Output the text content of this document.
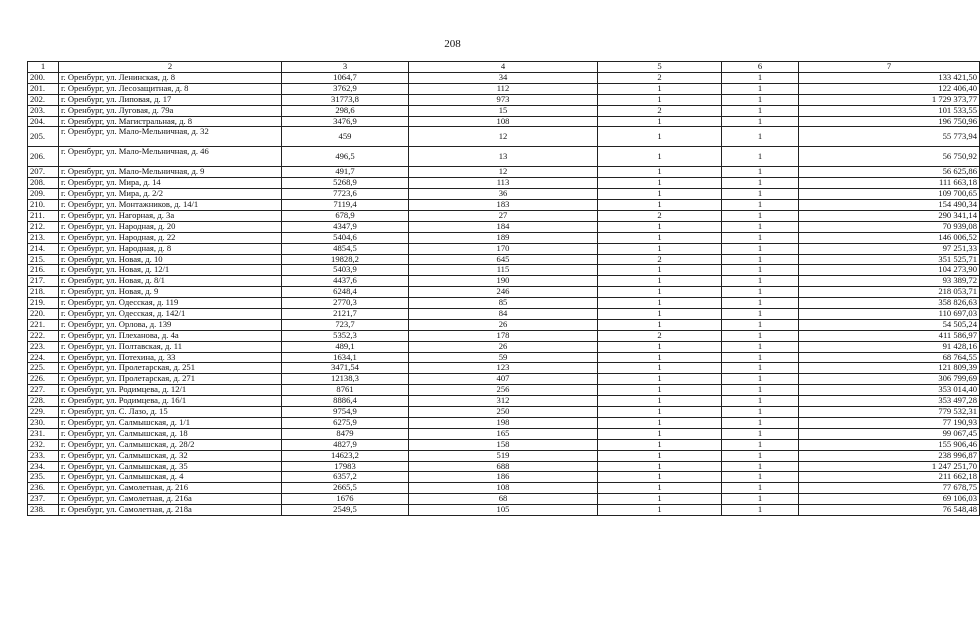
208
1	2	3	4	5	6	7
200.	г. Оренбург, ул. Ленинская, д. 8	1064,7	34	2	1	133 421,50
201.	г. Оренбург, ул. Лесозащитная, д. 8	3762,9	112	1	1	122 406,40
202.	г. Оренбург, ул. Липовая, д. 17	31773,8	973	1	1	1 729 373,77
203.	г. Оренбург, ул. Луговая, д. 79а	298,6	15	2	1	101 533,55
204.	г. Оренбург, ул. Магистральная, д. 8	3476,9	108	1	1	196 750,96
205.	г. Оренбург, ул. Мало-Мельничная, д. 32	459	12	1	1	55 773,94
206.	г. Оренбург, ул. Мало-Мельничная, д. 46	496,5	13	1	1	56 750,92
207.	г. Оренбург, ул. Мало-Мельничная, д. 9	491,7	12	1	1	56 625,86
208.	г. Оренбург, ул. Мира, д. 14	5268,9	113	1	1	111 663,18
209.	г. Оренбург, ул. Мира, д. 2/2	7723,6	36	1	1	109 700,65
210.	г. Оренбург, ул. Монтажников, д. 14/1	7119,4	183	1	1	154 490,34
211.	г. Оренбург, ул. Нагорная, д. 3а	678,9	27	2	1	290 341,14
212.	г. Оренбург, ул. Народная, д. 20	4347,9	184	1	1	70 939,08
213.	г. Оренбург, ул. Народная, д. 22	5404,6	189	1	1	146 006,52
214.	г. Оренбург, ул. Народная, д. 8	4854,5	170	1	1	97 251,33
215.	г. Оренбург, ул. Новая, д. 10	19828,2	645	2	1	351 525,71
216.	г. Оренбург, ул. Новая, д. 12/1	5403,9	115	1	1	104 273,90
217.	г. Оренбург, ул. Новая, д. 8/1	4437,6	190	1	1	93 389,72
218.	г. Оренбург, ул. Новая, д. 9	6248,4	246	1	1	218 053,71
219.	г. Оренбург, ул. Одесская, д. 119	2770,3	85	1	1	358 826,63
220.	г. Оренбург, ул. Одесская, д. 142/1	2121,7	84	1	1	110 697,03
221.	г. Оренбург, ул. Орлова, д. 139	723,7	26	1	1	54 505,24
222.	г. Оренбург, ул. Плеханова, д. 4а	5352,3	178	2	1	411 586,97
223.	г. Оренбург, ул. Полтавская, д. 11	489,1	26	1	1	91 428,16
224.	г. Оренбург, ул. Потехина, д. 33	1634,1	59	1	1	68 764,55
225.	г. Оренбург, ул. Пролетарская, д. 251	3471,54	123	1	1	121 809,39
226.	г. Оренбург, ул. Пролетарская, д. 271	12138,3	407	1	1	306 799,69
227.	г. Оренбург, ул. Родимцева, д. 12/1	8761	256	1	1	353 014,40
228.	г. Оренбург, ул. Родимцева, д. 16/1	8886,4	312	1	1	353 497,28
229.	г. Оренбург, ул. С. Лазо, д. 15	9754,9	250	1	1	779 532,31
230.	г. Оренбург, ул. Салмышская, д. 1/1	6275,9	198	1	1	77 190,93
231.	г. Оренбург, ул. Салмышская, д. 18	8479	165	1	1	99 067,45
232.	г. Оренбург, ул. Салмышская, д. 28/2	4827,9	158	1	1	155 906,46
233.	г. Оренбург, ул. Салмышская, д. 32	14623,2	519	1	1	238 996,87
234.	г. Оренбург, ул. Салмышская, д. 35	17983	688	1	1	1 247 251,70
235.	г. Оренбург, ул. Салмышская, д. 4	6357,2	186	1	1	211 662,18
236.	г. Оренбург, ул. Самолетная, д. 216	2665,5	108	1	1	77 678,75
237.	г. Оренбург, ул. Самолетная, д. 216а	1676	68	1	1	69 106,03
238.	г. Оренбург, ул. Самолетная, д. 218а	2549,5	105	1	1	76 548,48
